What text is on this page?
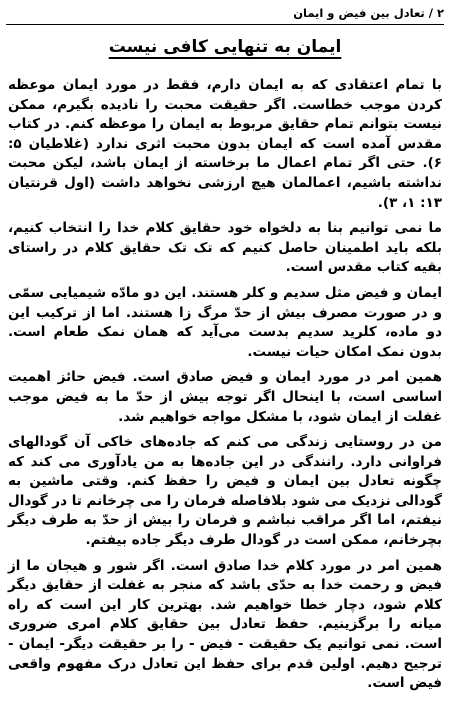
۲ / تعادل بین فیض و ایمان
ایمان به تنهایی کافی نیست

با تمام اعتقادی که به ایمان دارم، فقط در مورد ایمان موعظه کردن موجب خطاست. اگر حقیقت محبت را نادیده بگیرم، ممکن نیست بتوانم تمام حقایق مربوط به ایمان را موعظه کنم. در کتاب مقدس آمده است که ایمان بدون محبت اثری ندارد (غلاطیان ۵: ۶). حتی اگر تمام اعمال ما برخاسته از ایمان باشد، لیکن محبت نداشته باشیم، اعمالمان هیچ ارزشی نخواهد داشت (اول قرنتیان ۱۳: ۱، ۳).

ما نمی توانیم بنا به دلخواه خود حقایق کلام خدا را انتخاب کنیم، بلکه باید اطمینان حاصل کنیم که تک تک حقایق کلام در راستای بقیه کتاب مقدس است.

ایمان و فیض مثل سدیم و کلر هستند. این دو مادّه شیمیایی سمّی و در صورت مصرف بیش از حدّ مرگ زا هستند. اما از ترکیب این دو ماده، کلرید سدیم بدست می‌آید که همان نمک طعام است. بدون نمک امکان حیات نیست.

همین امر در مورد ایمان و فیض صادق است. فیض حائز اهمیت اساسی است، با اینحال اگر توجه بیش از حدّ ما به فیض موجب غفلت از ایمان شود، با مشکل مواجه خواهیم شد.

من در روستایی زندگی می کنم که جاده‌های خاکی آن گودالهای فراوانی دارد. رانندگی در این جاده‌ها به من یادآوری می کند که چگونه تعادل بین ایمان و فیض را حفظ کنم. وقتی ماشین به گودالی نزدیک می شود بلافاصله فرمان را می چرخانم تا در گودال نیفتم، اما اگر مراقب نباشم و فرمان را بیش از حدّ به طرف دیگر بچرخانم، ممکن است در گودال طرف دیگر جاده بیفتم.

همین امر در مورد کلام خدا صادق است. اگر شور و هیجان ما از فیض و رحمت خدا به حدّی باشد که منجر به غفلت از حقایق دیگر کلام شود، دچار خطا خواهیم شد. بهترین کار این است که راه میانه را برگزینیم. حفظ تعادل بین حقایق کلام امری ضروری است. نمی توانیم یک حقیقت - فیض - را بر حقیقت دیگر- ایمان - ترجیح دهیم. اولین قدم برای حفظ این تعادل درک مفهوم واقعی فیض است.
